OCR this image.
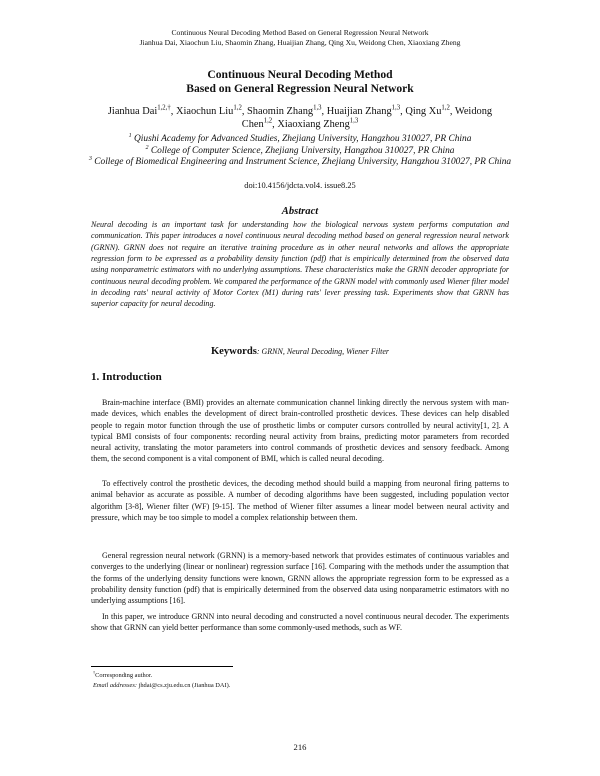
Continuous Neural Decoding Method Based on General Regression Neural Network
Jianhua Dai, Xiaochun Liu, Shaomin Zhang, Huaijian Zhang, Qing Xu, Weidong Chen, Xiaoxiang Zheng
Continuous Neural Decoding Method
Based on General Regression Neural Network
Jianhua Dai$^{1,2,\dagger}$, Xiaochun Liu$^{1,2}$, Shaomin Zhang$^{1,3}$, Huaijian Zhang$^{1,3}$, Qing Xu$^{1,2}$, Weidong Chen$^{1,2}$, Xiaoxiang Zheng$^{1,3}$
$^1$ Qiushi Academy for Advanced Studies, Zhejiang University, Hangzhou 310027, PR China
$^2$ College of Computer Science, Zhejiang University, Hangzhou 310027, PR China
$^3$ College of Biomedical Engineering and Instrument Science, Zhejiang University, Hangzhou 310027, PR China
doi:10.4156/jdcta.vol4. issue8.25
Abstract
Neural decoding is an important task for understanding how the biological nervous system performs computation and communication. This paper introduces a novel continuous neural decoding method based on general regression neural network (GRNN). GRNN does not require an iterative training procedure as in other neural networks and allows the appropriate regression form to be expressed as a probability density function (pdf) that is empirically determined from the observed data using nonparametric estimators with no underlying assumptions. These characteristics make the GRNN decoder appropriate for continuous neural decoding problem. We compared the performance of the GRNN model with commonly used Wiener filter model in decoding rats' neural activity of Motor Cortex (M1) during rats' lever pressing task. Experiments show that GRNN has superior capacity for neural decoding.
Keywords: GRNN, Neural Decoding, Wiener Filter
1. Introduction

Brain-machine interface (BMI) provides an alternate communication channel linking directly the nervous system with man-made devices, which enables the development of direct brain-controlled prosthetic devices. These devices can help disabled people to regain motor function through the use of prosthetic limbs or computer cursors controlled by neural activity[1, 2]. A typical BMI consists of four components: recording neural activity from brains, predicting motor parameters from recorded neural activity, translating the motor parameters into control commands of prosthetic devices and sensory feedback. Among them, the second component is a vital component of BMI, which is called neural decoding.

To effectively control the prosthetic devices, the decoding method should build a mapping from neuronal firing patterns to animal behavior as accurate as possible. A number of decoding algorithms have been suggested, including population vector algorithm [3-8], Wiener filter (WF) [9-15]. The method of Wiener filter assumes a linear model between neural activity and pressure, which may be too simple to model a complex relationship between them.

General regression neural network (GRNN) is a memory-based network that provides estimates of continuous variables and converges to the underlying (linear or nonlinear) regression surface [16]. Comparing with the methods under the assumption that the forms of the underlying density functions were known, GRNN allows the appropriate regression form to be expressed as a probability density function (pdf) that is empirically determined from the observed data using nonparametric estimators with no underlying assumptions [16].

In this paper, we introduce GRNN into neural decoding and constructed a novel continuous neural decoder. The experiments show that GRNN can yield better performance than some commonly-used methods, such as WF.

†Corresponding author.
Email addresses: jhdai@cs.zju.edu.cn (Jianhua DAI).
216
